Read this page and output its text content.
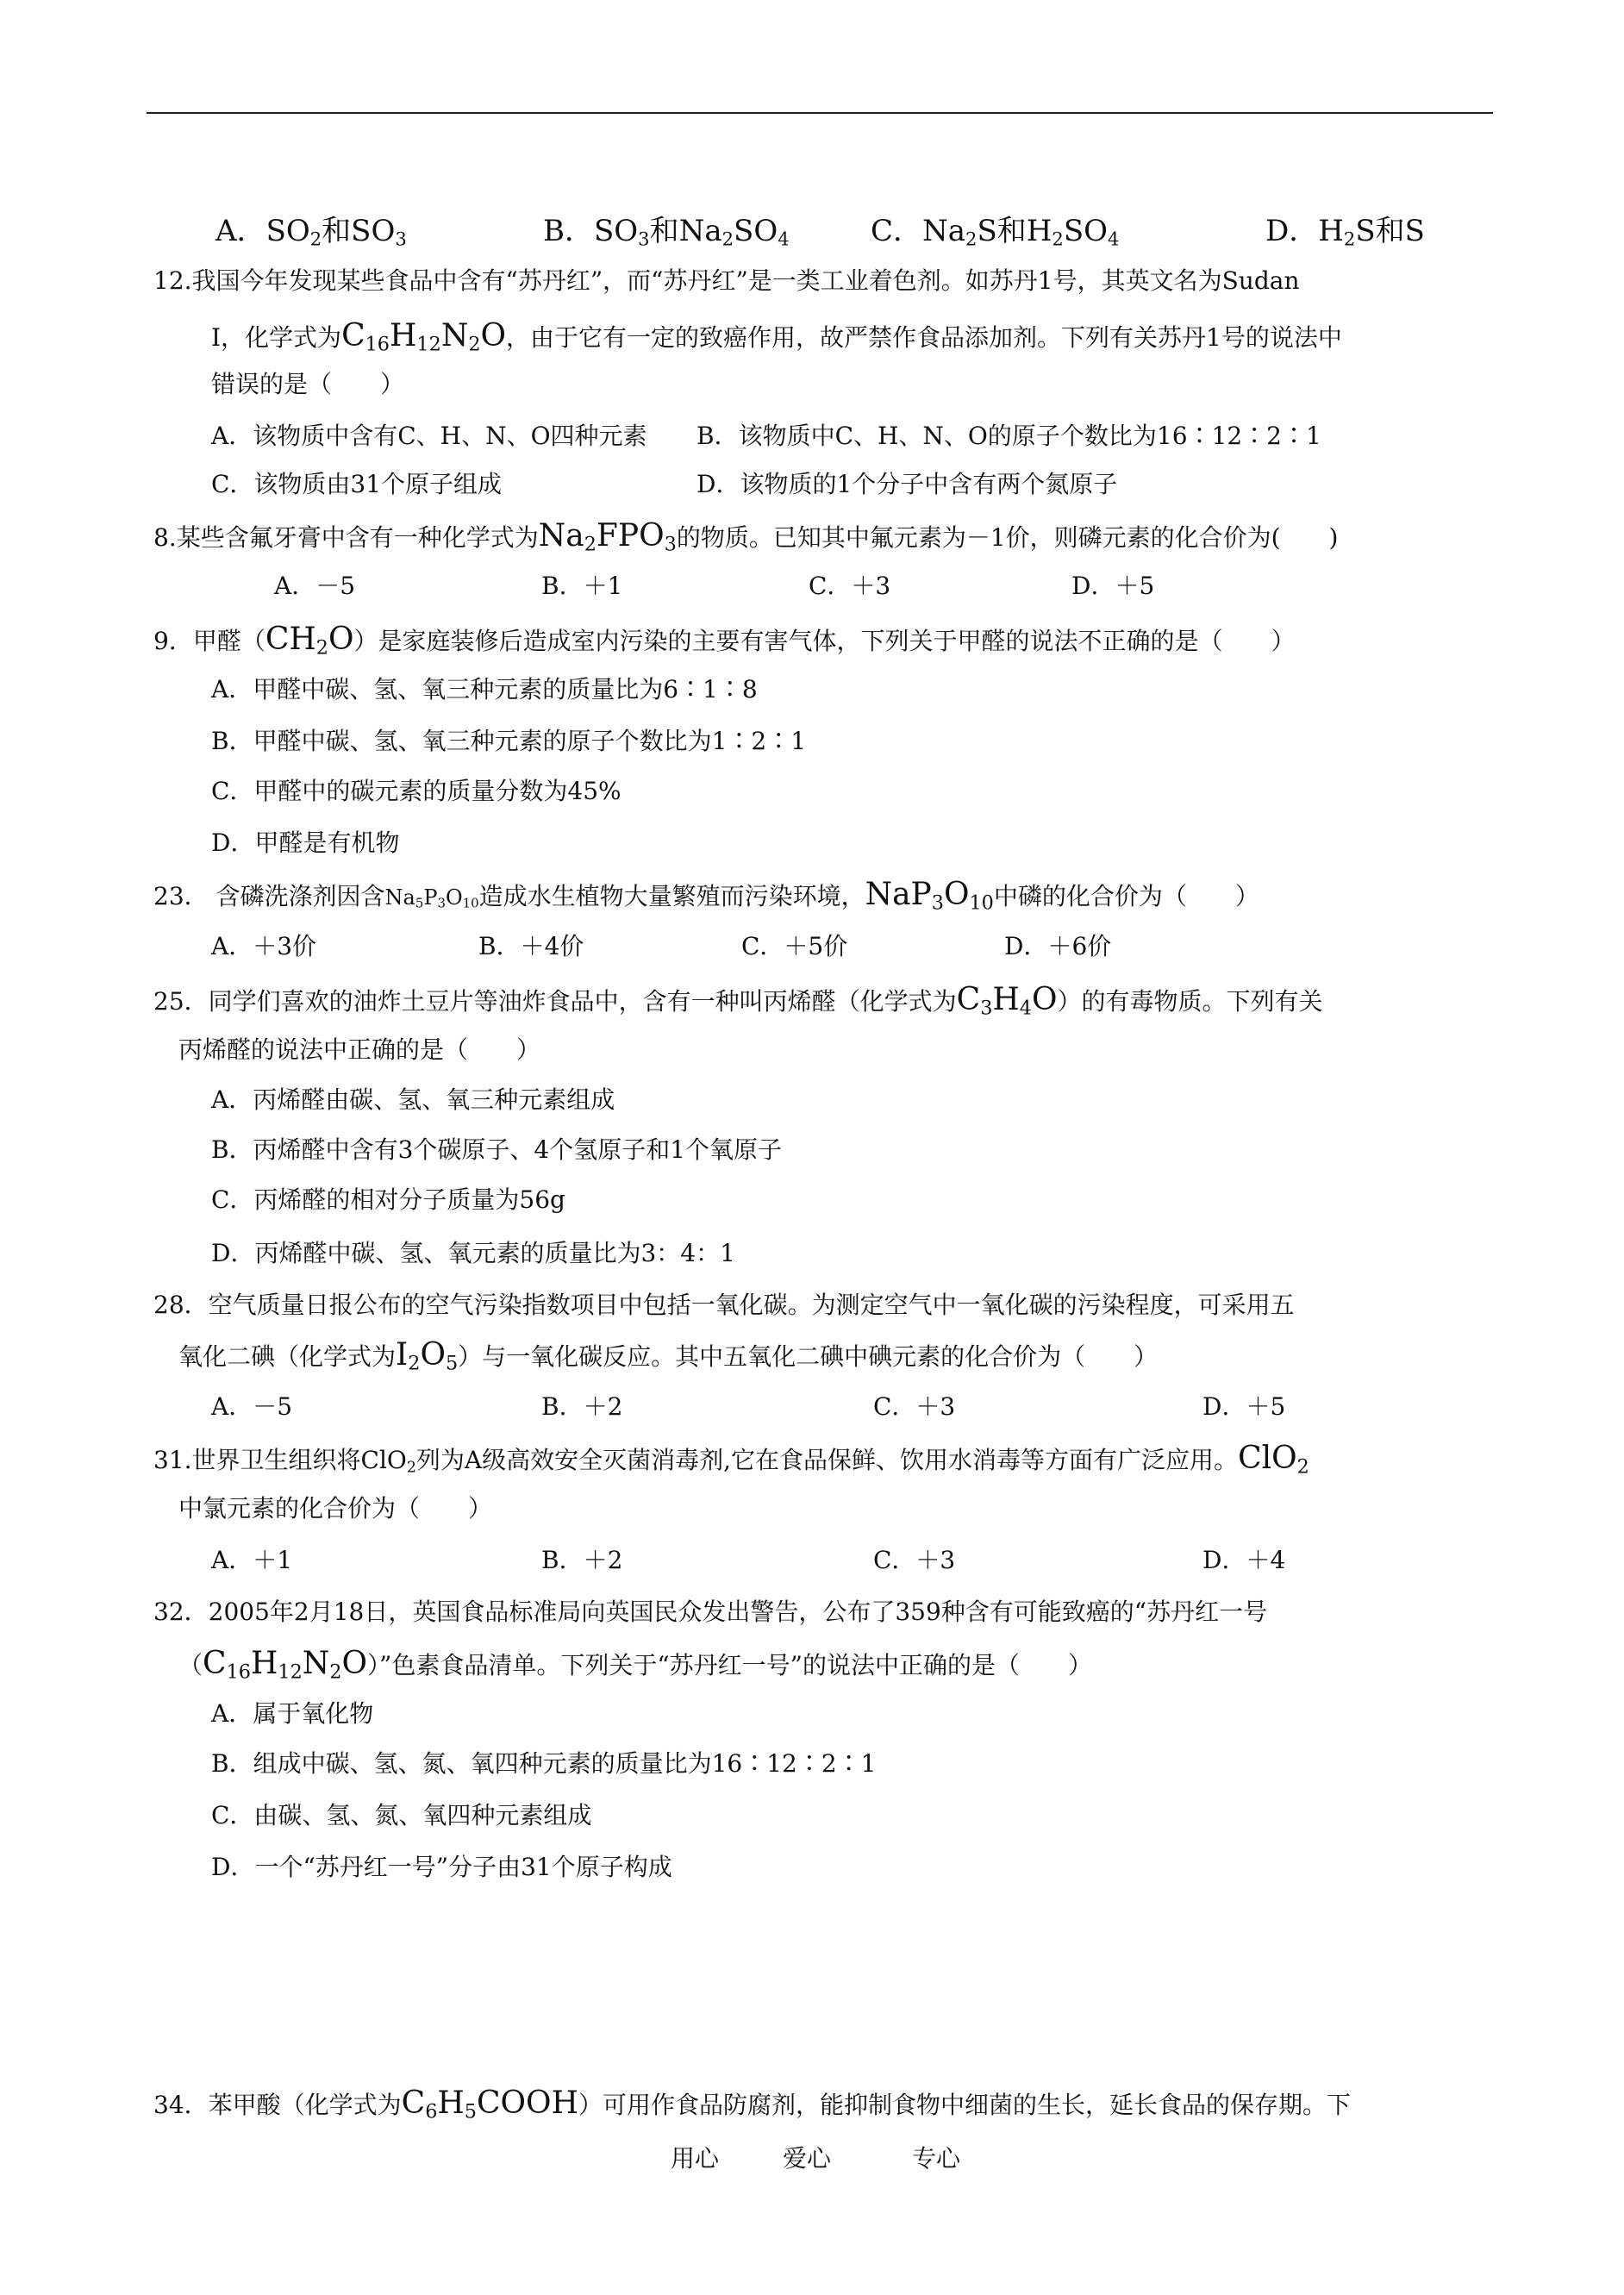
A．$SO_2$和$SO_3$	B．$SO_3$和$Na_2SO_4$	C．$Na_2S$和$H_2SO_4$	D．$H_2S$和S
12.我国今年发现某些食品中含有“苏丹红”，而“苏丹红”是一类工业着色剂。如苏丹1号，其英文名为Sudan
I，化学式为$C_{16}H_{12}N_2O$，由于它有一定的致癌作用，故严禁作食品添加剂。下列有关苏丹1号的说法中
错误的是（　　）
A．该物质中含有C、H、N、O四种元素 B．该物质中C、H、N、O的原子个数比为16∶12∶2∶1
C．该物质由31个原子组成	D．该物质的1个分子中含有两个氮原子
8.某些含氟牙膏中含有一种化学式为$Na_2FPO_3$的物质。已知其中氟元素为－1价，则磷元素的化合价为(　　)
A．－5	B．＋1	C．＋3	D．＋5
9．甲醛$(CH_2O)$是家庭装修后造成室内污染的主要有害气体，下列关于甲醛的说法不正确的是（　　）
A．甲醛中碳、氢、氧三种元素的质量比为6∶1∶8
B．甲醛中碳、氢、氧三种元素的原子个数比为1∶2∶1
C．甲醛中的碳元素的质量分数为45%
D．甲醛是有机物
23． 含磷洗涤剂因含$Na_5P_3O_{10}$造成水生植物大量繁殖而污染环境，$NaP_3O_{10}$中磷的化合价为（　　）
A．＋3价	B．＋4价	C．＋5价	D．＋6价
25．同学们喜欢的油炸土豆片等油炸食品中，含有一种叫丙烯醛（化学式为$C_3H_4O$）的有毒物质。下列有关
丙烯醛的说法中正确的是（　　）
A．丙烯醛由碳、氢、氧三种元素组成
B．丙烯醛中含有3个碳原子、4个氢原子和1个氧原子
C．丙烯醛的相对分子质量为56g
D．丙烯醛中碳、氢、氧元素的质量比为3：4：1
28．空气质量日报公布的空气污染指数项目中包括一氧化碳。为测定空气中一氧化碳的污染程度，可采用五
氧化二碘（化学式为$I_2O_5$）与一氧化碳反应。其中五氧化二碘中碘元素的化合价为（　　）
A．－5	B．＋2	C．＋3	D．＋5
31.世界卫生组织将ClO$_2$列为A级高效安全灭菌消毒剂,它在食品保鲜、饮用水消毒等方面有广泛应用。ClO$_2$
中氯元素的化合价为（　　）
A．＋1	B．＋2	C．＋3	D．＋4
32．2005年2月18日，英国食品标准局向英国民众发出警告，公布了359种含有可能致癌的“苏丹红一号
$(C_{16}H_{12}N_2O)$”色素食品清单。下列关于“苏丹红一号”的说法中正确的是（　　）
A．属于氧化物
B．组成中碳、氢、氮、氧四种元素的质量比为16∶12∶2∶1
C．由碳、氢、氮、氧四种元素组成
D．一个“苏丹红一号”分子由31个原子构成
34．苯甲酸（化学式为$C_6H_5COOH$）可用作食品防腐剂，能抑制食物中细菌的生长，延长食品的保存期。下
用心	爱心	专心
